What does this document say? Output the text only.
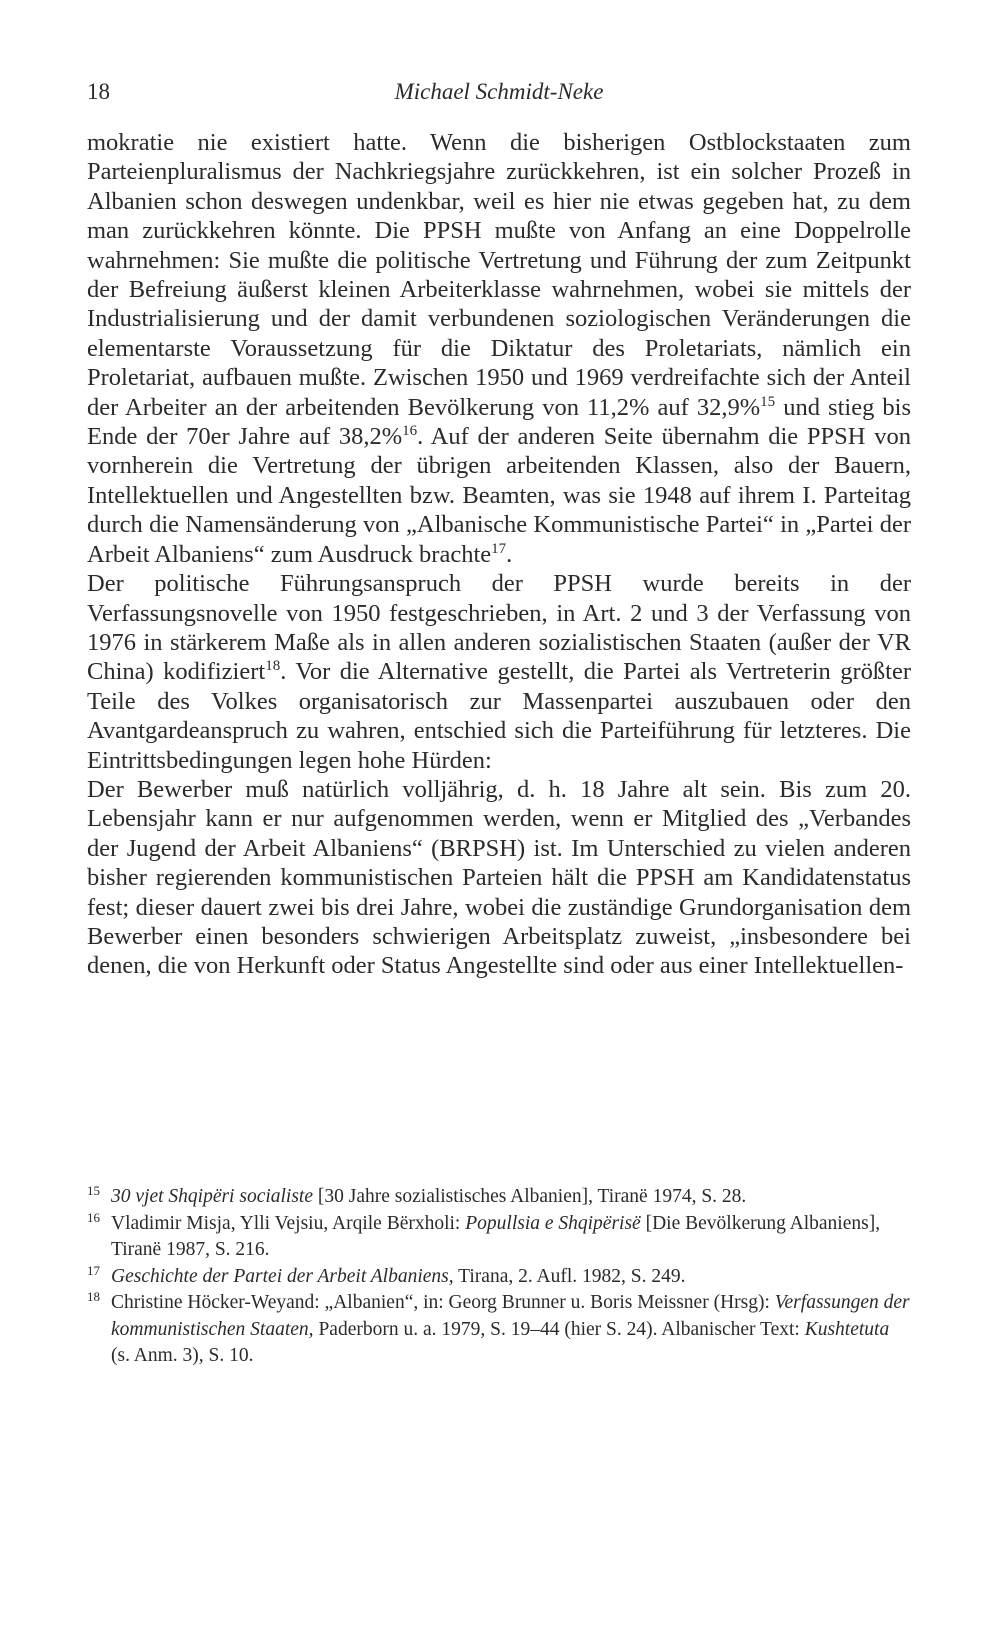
18	Michael Schmidt-Neke

mokratie nie existiert hatte. Wenn die bisherigen Ostblockstaaten zum Parteienpluralismus der Nachkriegsjahre zurückkehren, ist ein solcher Prozeß in Albanien schon deswegen undenkbar, weil es hier nie etwas gegeben hat, zu dem man zurückkehren könnte. Die PPSH mußte von Anfang an eine Doppelrolle wahrnehmen: Sie mußte die politische Vertretung und Führung der zum Zeitpunkt der Befreiung äußerst kleinen Arbeiterklasse wahrnehmen, wobei sie mittels der Industrialisierung und der damit verbundenen soziologischen Veränderungen die elementarste Voraussetzung für die Diktatur des Proletariats, nämlich ein Proletariat, aufbauen mußte. Zwischen 1950 und 1969 verdreifachte sich der Anteil der Arbeiter an der arbeitenden Bevölkerung von 11,2% auf 32,9%$^{15}$ und stieg bis Ende der 70er Jahre auf 38,2%$^{16}$. Auf der anderen Seite übernahm die PPSH von vornherein die Vertretung der übrigen arbeitenden Klassen, also der Bauern, Intellektuellen und Angestellten bzw. Beamten, was sie 1948 auf ihrem I. Parteitag durch die Namensänderung von „Albanische Kommunistische Partei“ in „Partei der Arbeit Albaniens“ zum Ausdruck brachte$^{17}$.

Der politische Führungsanspruch der PPSH wurde bereits in der Verfassungsnovelle von 1950 festgeschrieben, in Art. 2 und 3 der Verfassung von 1976 in stärkerem Maße als in allen anderen sozialistischen Staaten (außer der VR China) kodifiziert$^{18}$. Vor die Alternative gestellt, die Partei als Vertreterin größter Teile des Volkes organisatorisch zur Massenpartei auszubauen oder den Avantgardeanspruch zu wahren, entschied sich die Parteiführung für letzteres. Die Eintrittsbedingungen legen hohe Hürden:

Der Bewerber muß natürlich volljährig, d. h. 18 Jahre alt sein. Bis zum 20. Lebensjahr kann er nur aufgenommen werden, wenn er Mitglied des „Verbandes der Jugend der Arbeit Albaniens“ (BRPSH) ist. Im Unterschied zu vielen anderen bisher regierenden kommunistischen Parteien hält die PPSH am Kandidatenstatus fest; dieser dauert zwei bis drei Jahre, wobei die zuständige Grundorganisation dem Bewerber einen besonders schwierigen Arbeitsplatz zuweist, „insbesondere bei denen, die von Herkunft oder Status Angestellte sind oder aus einer Intellektuellen-

15 30 vjet Shqipëri socialiste [30 Jahre sozialistisches Albanien], Tiranë 1974, S. 28.
16 Vladimir Misja, Ylli Vejsiu, Arqile Bërxholi: Popullsia e Shqipërisë [Die Bevölkerung Albaniens], Tiranë 1987, S. 216.
17 Geschichte der Partei der Arbeit Albaniens, Tirana, 2. Aufl. 1982, S. 249.
18 Christine Höcker-Weyand: „Albanien“, in: Georg Brunner u. Boris Meissner (Hrsg): Verfassungen der kommunistischen Staaten, Paderborn u. a. 1979, S. 19–44 (hier S. 24). Albanischer Text: Kushtetuta (s. Anm. 3), S. 10.
